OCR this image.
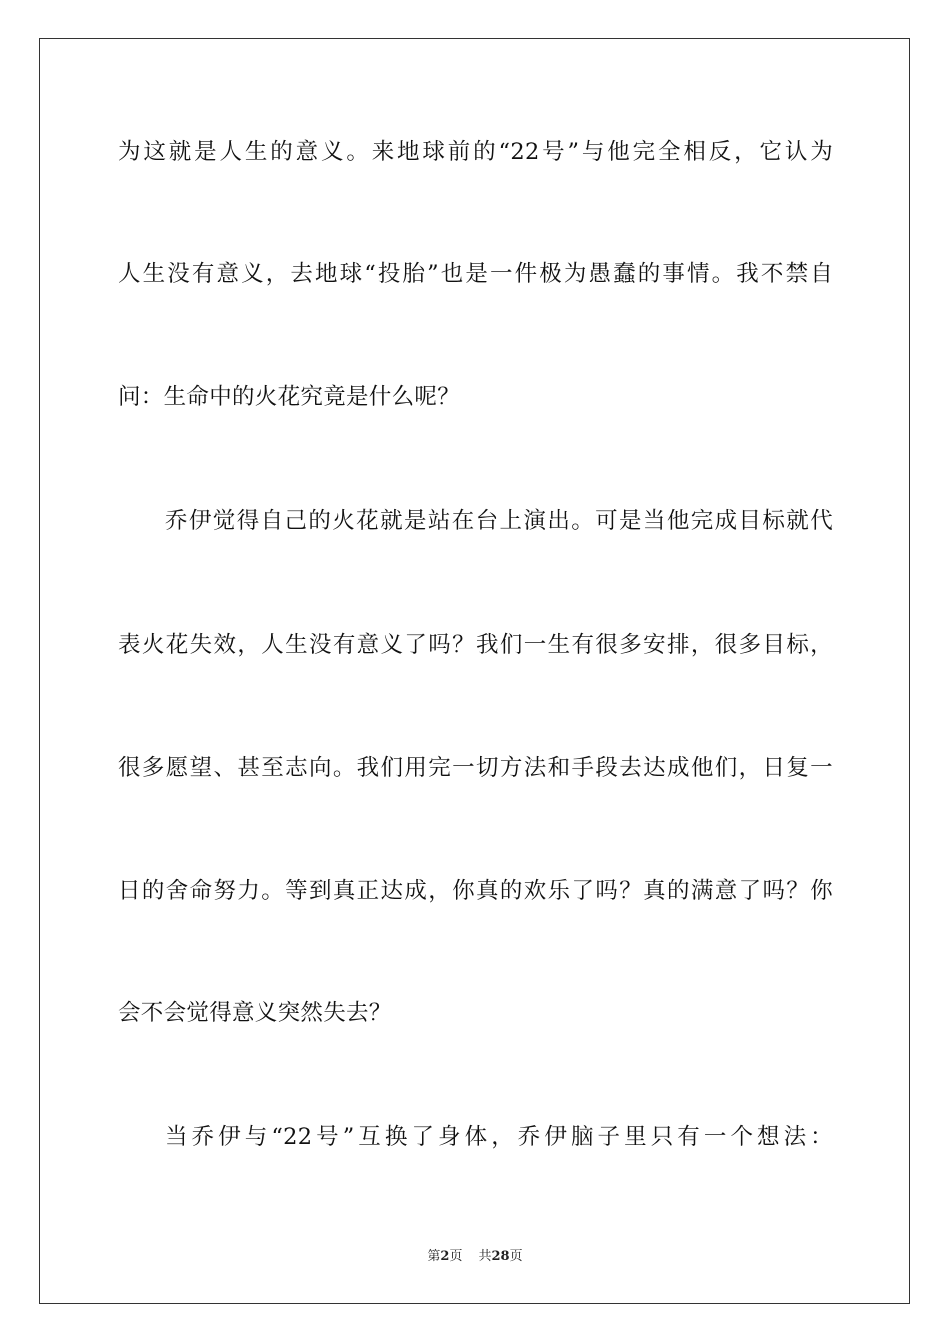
为这就是人生的意义。来地球前的“22号”与他完全相反，它认为
人生没有意义，去地球“投胎”也是一件极为愚蠢的事情。我不禁自
问：生命中的火花究竟是什么呢？
乔伊觉得自己的火花就是站在台上演出。可是当他完成目标就代
表火花失效，人生没有意义了吗？我们一生有很多安排，很多目标，
很多愿望、甚至志向。我们用完一切方法和手段去达成他们，日复一
日的舍命努力。等到真正达成，你真的欢乐了吗？真的满意了吗？你
会不会觉得意义突然失去？
当乔伊与“22号”互换了身体，乔伊脑子里只有一个想法：
第2页 共28页
